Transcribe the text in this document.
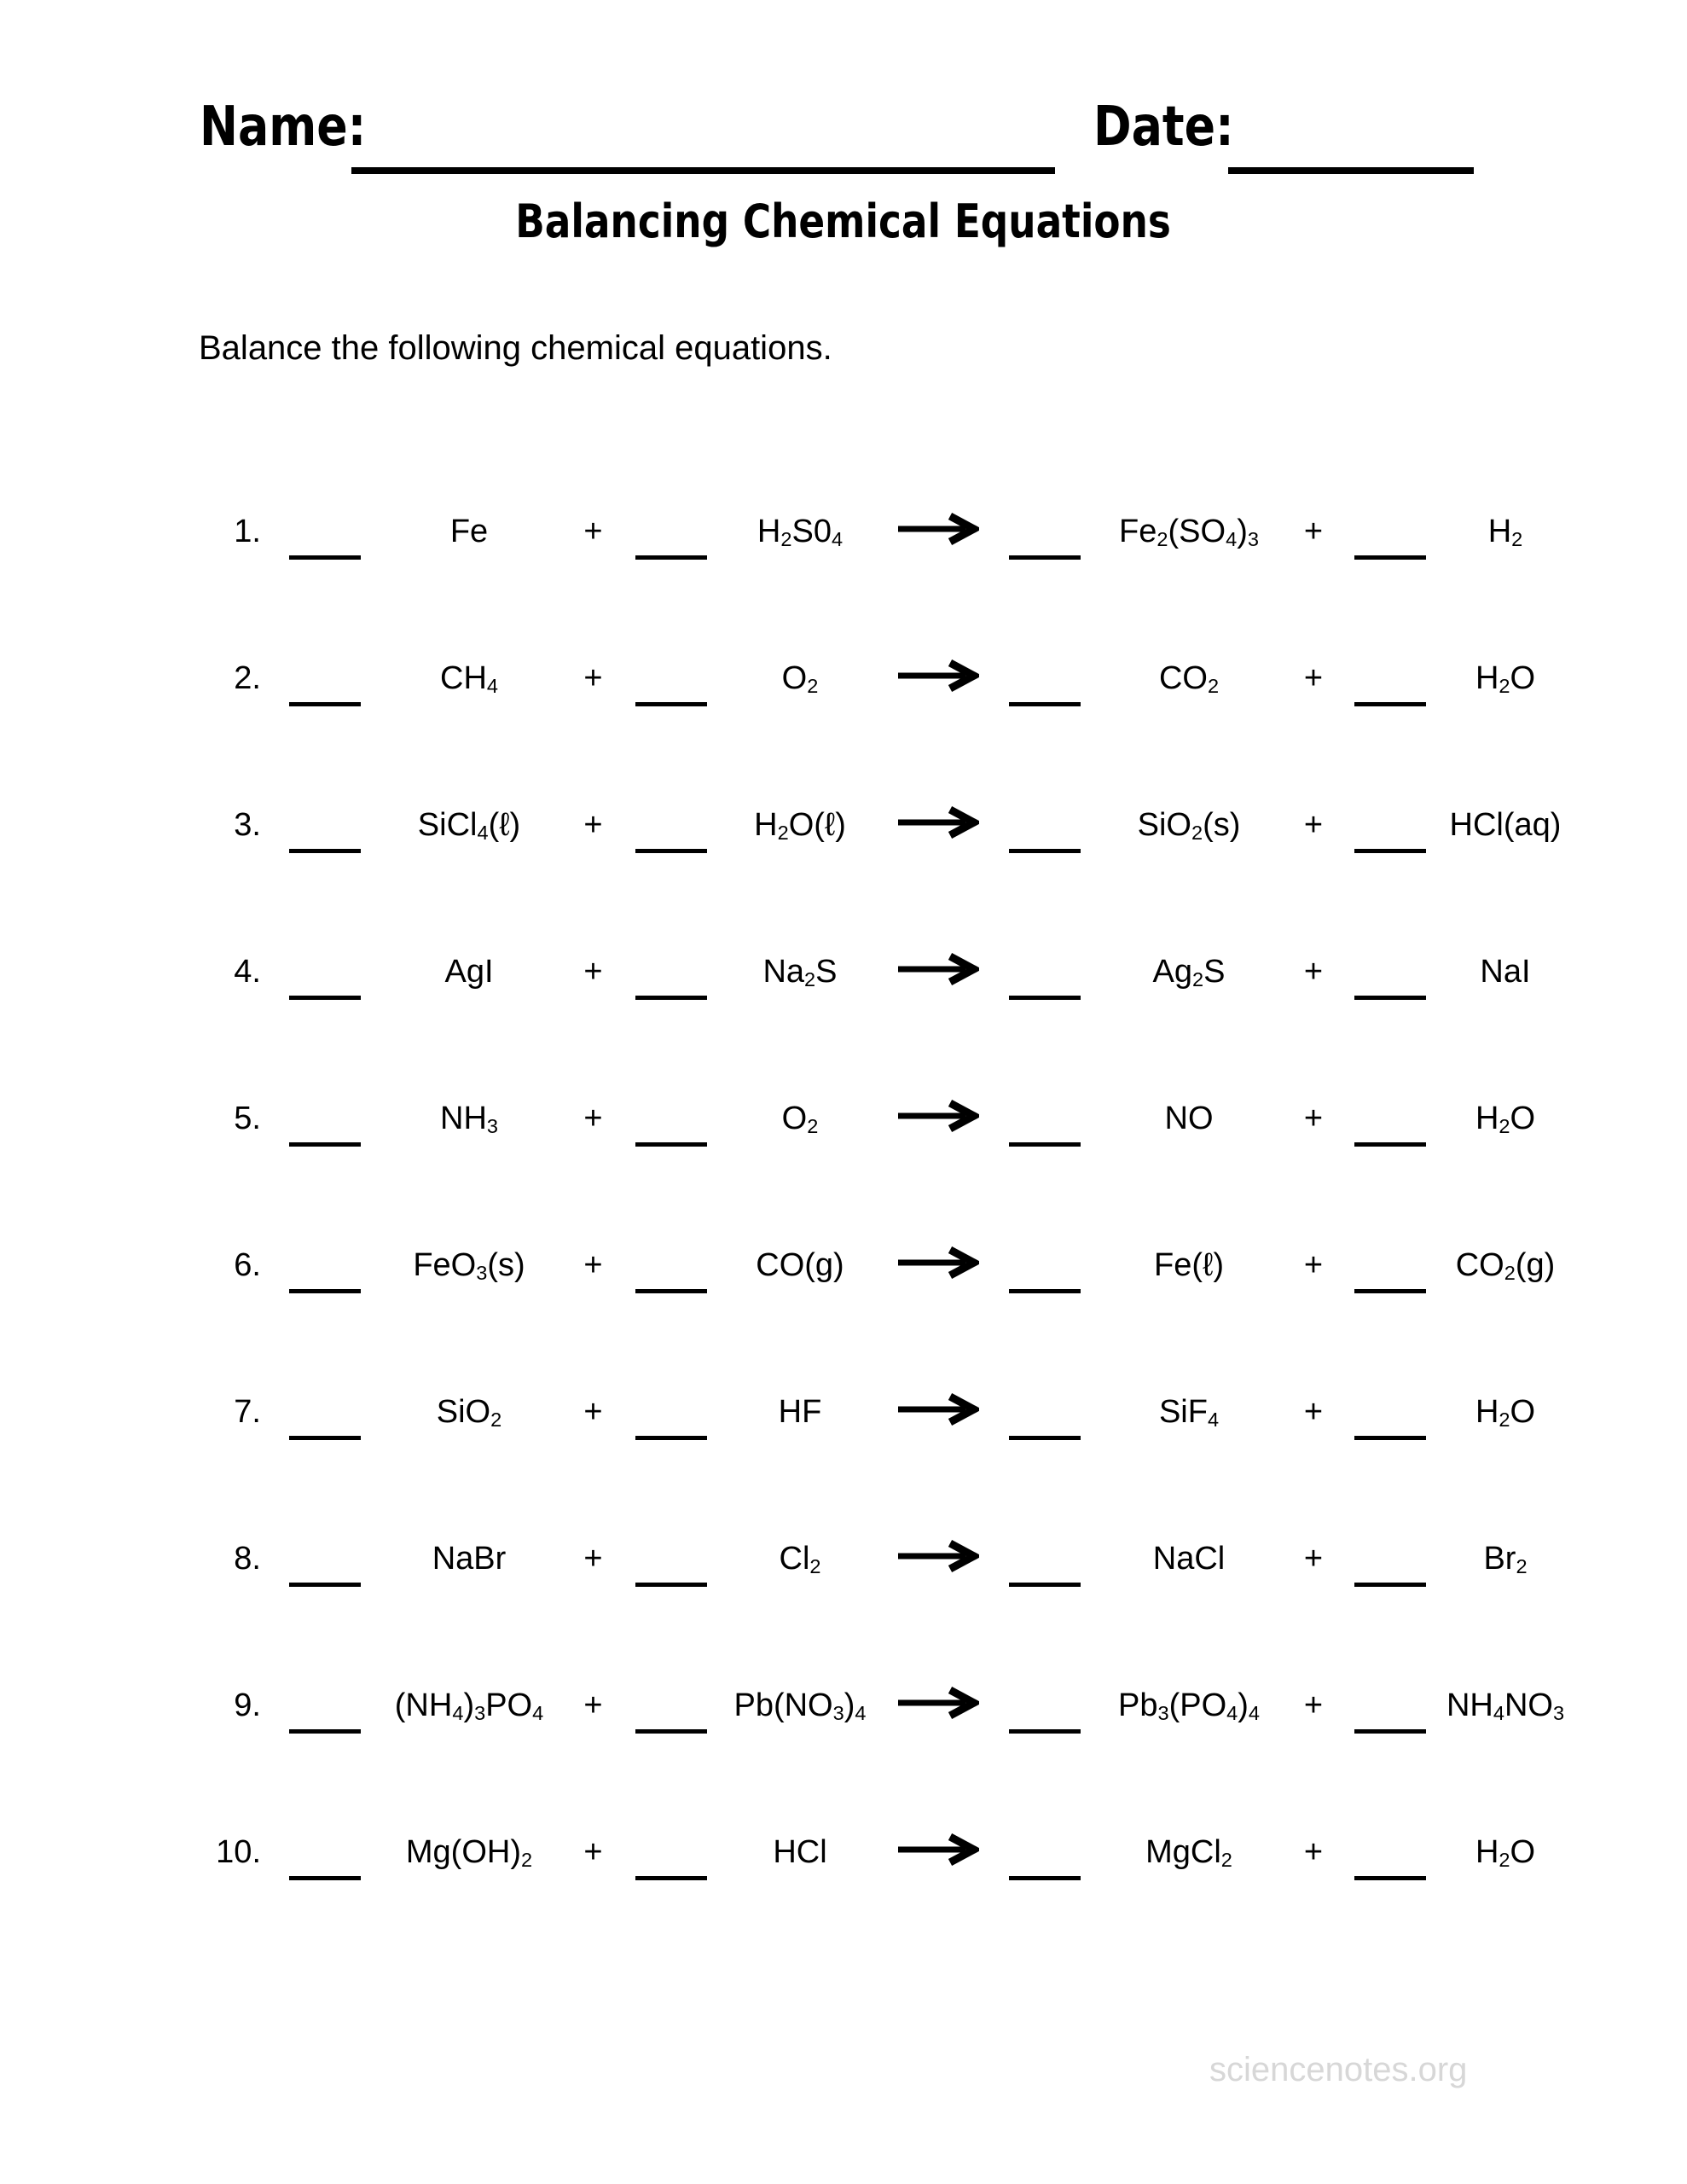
Name:	Date:
Balancing Chemical Equations
Balance the following chemical equations.
1.	Fe	+	$H_2S0_4$	$Fe_2(SO_4)_3$ +	$H_2$
2.	$CH_4$	+	$O_2$	$CO_2$	+	$H_2O$
3.	SiCl$_4$(ℓ) +	$H_2O(\ell)$	SiO$_2$(s) +	HCl(aq)
4.	AgI	+	$Na_2S$	$Ag_2S$ +	NaI
5.	$NH_3$	+	$O_2$	NO	+	$H_2O$
6.	FeO$_3$(s) +	CO(g)	Fe(ℓ) +	$CO_2(g)$
7.	SiO$_2$	+	HF	SiF$_4$	+	$H_2O$
8.	NaBr +	$Cl_2$	NaCl +	$Br_2$
9.	$(NH_4)_3PO_4$ +	$Pb(NO_3)_4$ →	$Pb_3(PO_4)_4$ +	$NH_4NO_3$
10.	$Mg(OH)_2$ +	HCl	MgCl$_2$ +	$H_2O$
sciencenotes.org
